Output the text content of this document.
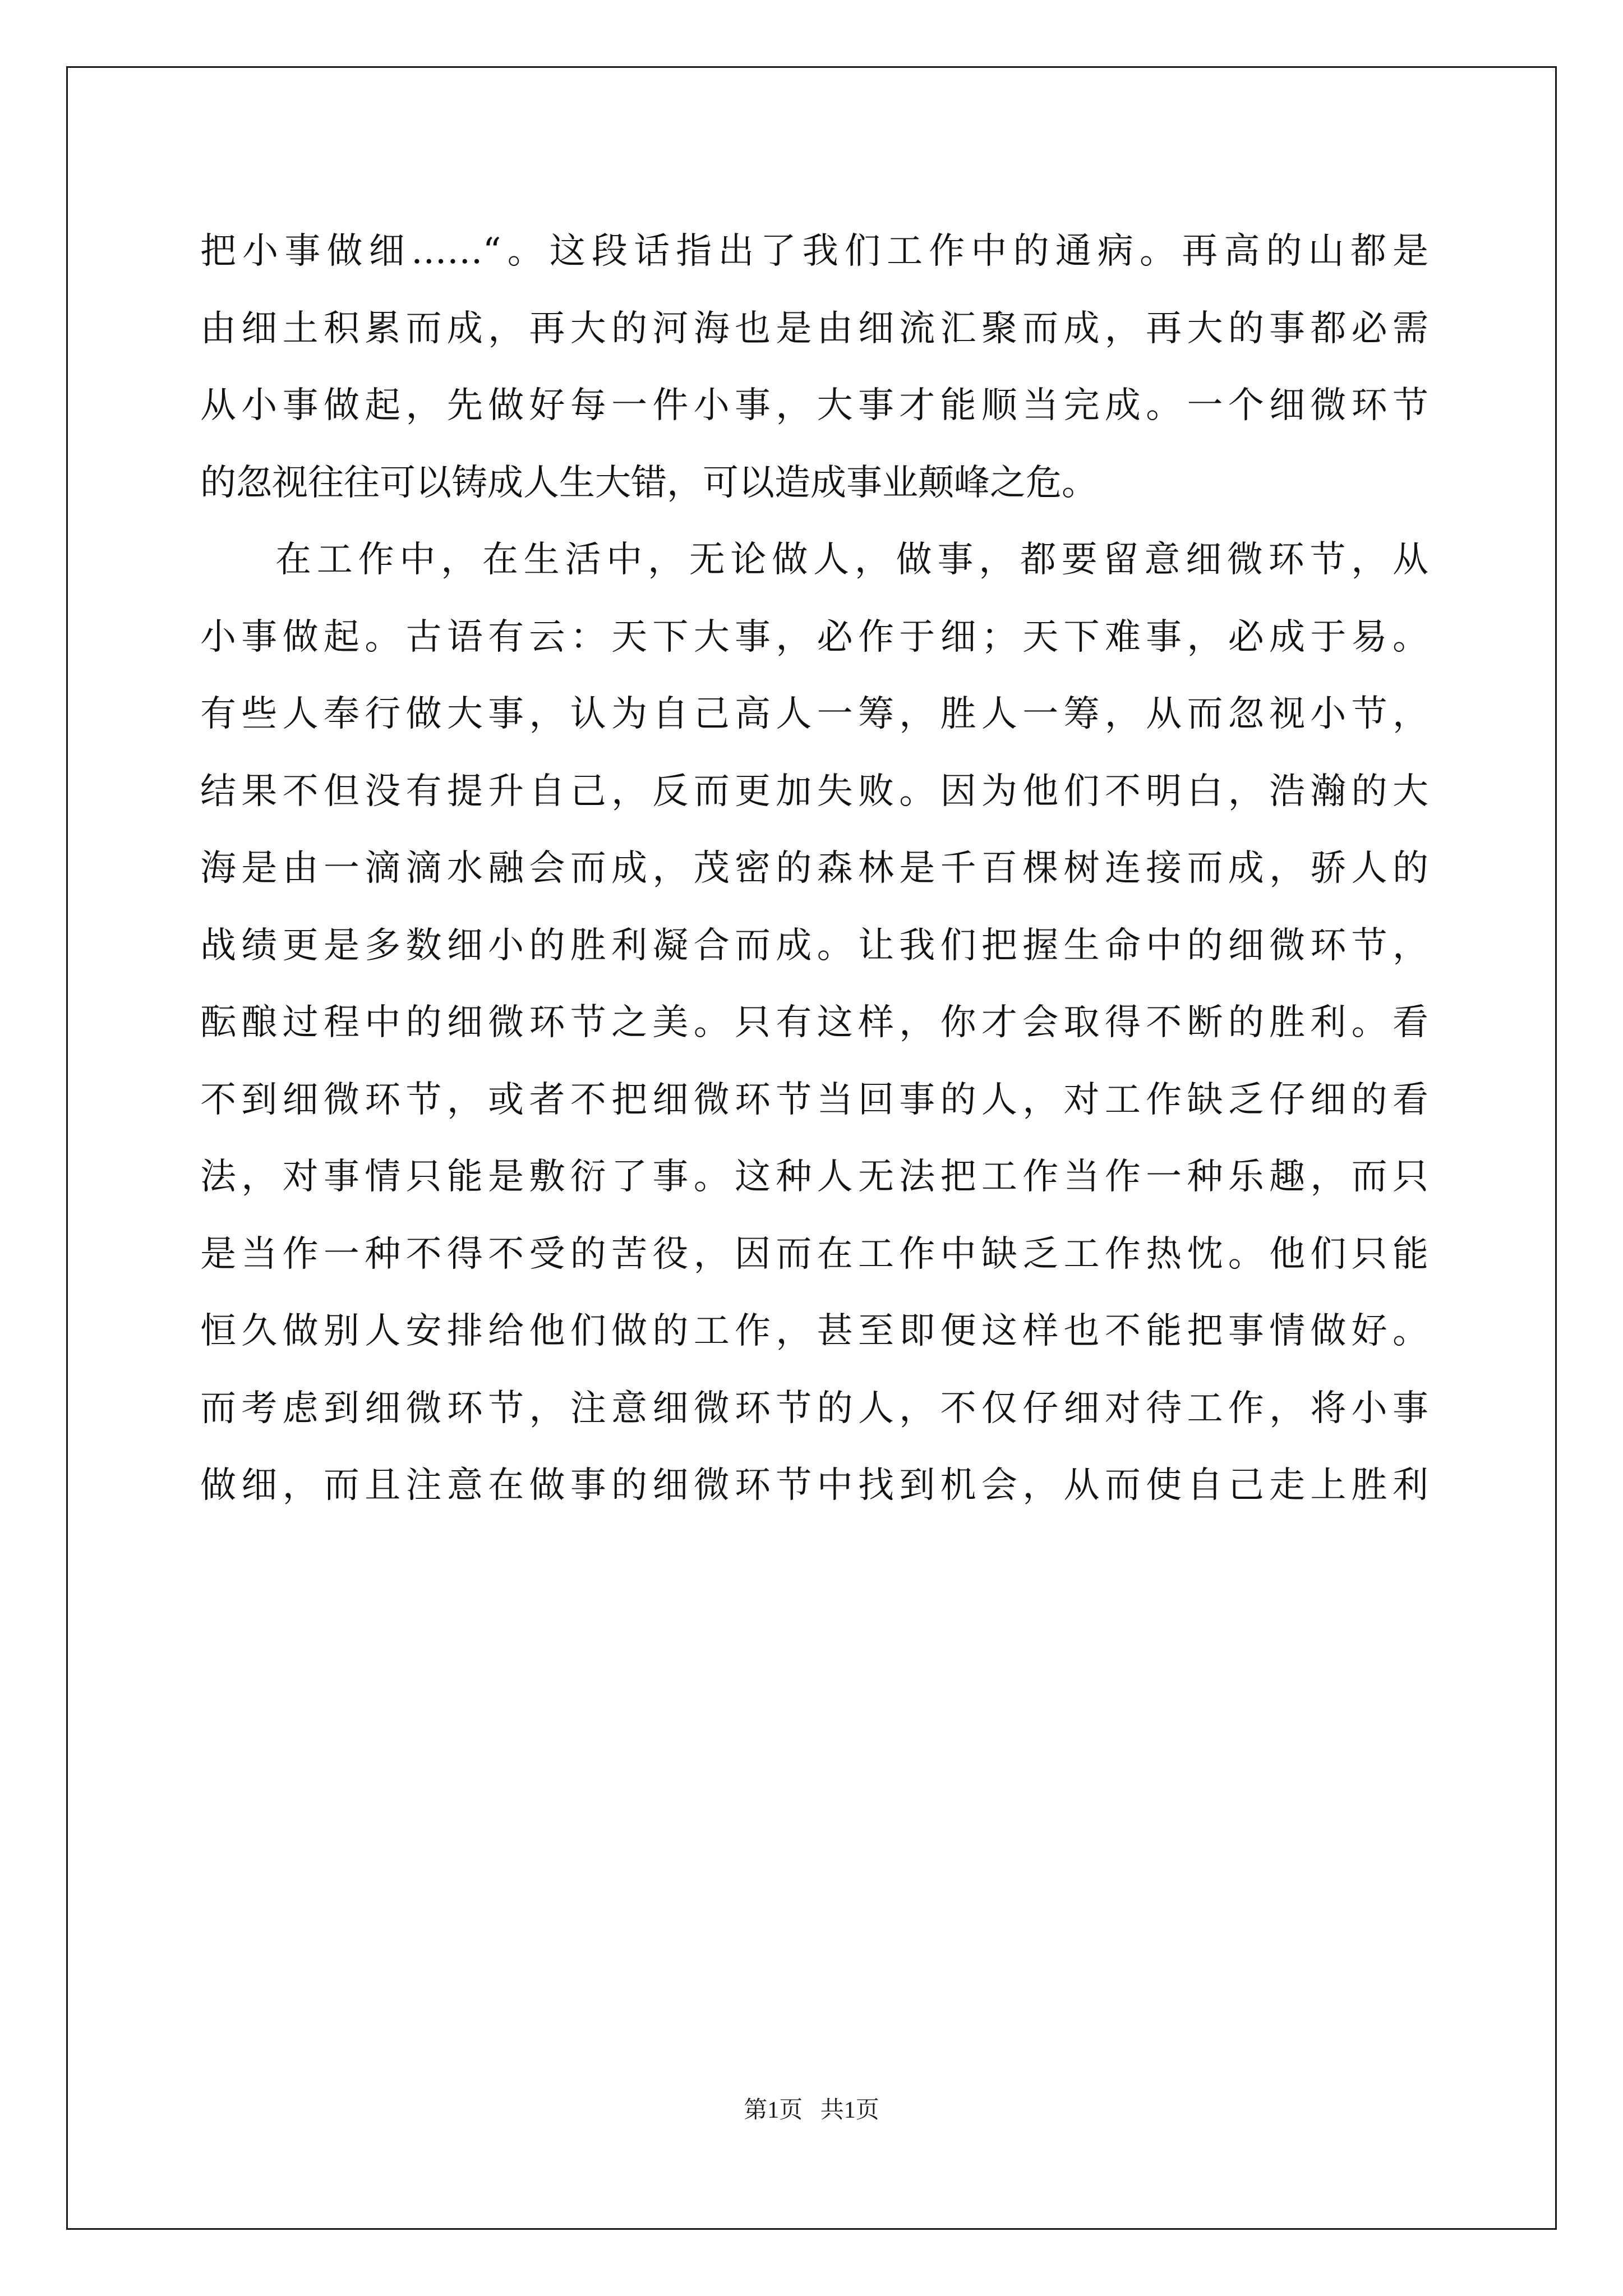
把小事做细……“。这段话指出了我们工作中的通病。再高的山都是
由细土积累而成，再大的河海也是由细流汇聚而成，再大的事都必需
从小事做起，先做好每一件小事，大事才能顺当完成。一个细微环节
的忽视往往可以铸成人生大错，可以造成事业颠峰之危。
在工作中，在生活中，无论做人，做事，都要留意细微环节，从
小事做起。古语有云：天下大事，必作于细；天下难事，必成于易。
有些人奉行做大事，认为自己高人一筹，胜人一筹，从而忽视小节，
结果不但没有提升自己，反而更加失败。因为他们不明白，浩瀚的大
海是由一滴滴水融会而成，茂密的森林是千百棵树连接而成，骄人的
战绩更是多数细小的胜利凝合而成。让我们把握生命中的细微环节，
酝酿过程中的细微环节之美。只有这样，你才会取得不断的胜利。看
不到细微环节，或者不把细微环节当回事的人，对工作缺乏仔细的看
法，对事情只能是敷衍了事。这种人无法把工作当作一种乐趣，而只
是当作一种不得不受的苦役，因而在工作中缺乏工作热忱。他们只能
恒久做别人安排给他们做的工作，甚至即便这样也不能把事情做好。
而考虑到细微环节，注意细微环节的人，不仅仔细对待工作，将小事
做细，而且注意在做事的细微环节中找到机会，从而使自己走上胜利
第1页 共1页
